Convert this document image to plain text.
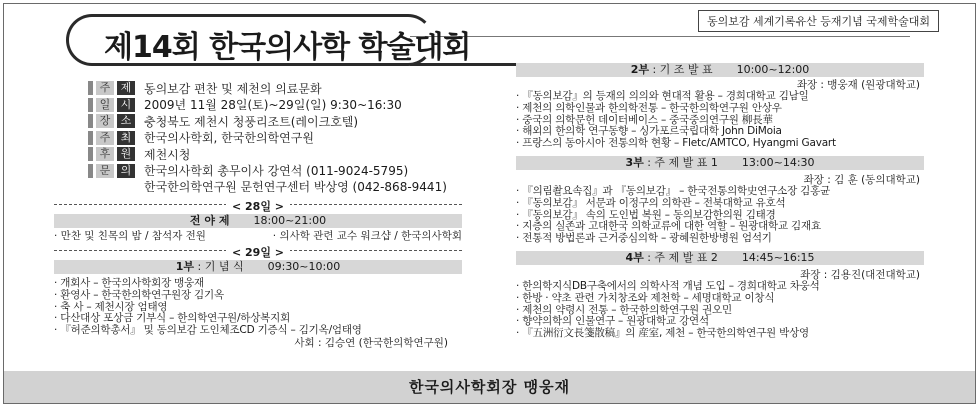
동의보감 세계기록유산 등재기념 국제학술대회
제14회 한국의사학 학술대회
주 제	동의보감 편찬 및 제천의 의료문화
일 시	2009년 11월 28일(토)~29일(일) 9:30~16:30
장 소	충청북도 제천시 청풍리조트(레이크호텔)
주 최	한국의사학회, 한국한의학연구원
후 원	제천시청
문 의	한국의사학회 총무이사 강연석 (011-9024-5795)
한국한의학연구원 문헌연구센터 박상영 (042-868-9441)
< 28일 >
전 야 제 18:00~21:00
· 만찬 및 친목의 밤 / 참석자 전원	· 의사학 관련 교수 워크샵 / 한국의사학회
< 29일 >
1부 : 기 념 식 09:30~10:00
· 개회사 – 한국의사학회장 맹웅재
· 환영사 – 한국한의학연구원장 김기옥
· 축 사 – 제천시장 엄태영
· 다산대상 포상금 기부식 – 한의학연구원/하상복지회
· 『허준의학총서』 및 동의보감 도인체조CD 기증식 – 김기옥/엄태영
사회 : 김승연 (한국한의학연구원)
2부 : 기 조 발 표 10:00~12:00
좌장 : 맹웅재 (원광대학교)
· 『동의보감』의 등재의 의의와 현대적 활용 – 경희대학교 김남일
· 제천의 의학인물과 한의학전통 – 한국한의학연구원 안상우
· 중국의 의학문헌 데이터베이스 – 중국중의연구원 柳長華
· 해외의 한의학 연구동향 – 싱가포르국립대학 John DiMoia
· 프랑스의 동아시아 전통의학 현황 – Fletc/AMTCO, Hyangmi Gavart
3부 : 주 제 발 표 1 13:00~14:30
좌장 : 김 훈 (동의대학교)
· 『의림촬요속집』과 『동의보감』 – 한국전통의학史연구소장 김홍균
· 『동의보감』 서문과 이정구의 의학관 – 전북대학교 유호석
· 『동의보감』 속의 도인법 복원 – 동의보감한의원 김태경
· 지층의 실존과 고대한국 의학교류에 대한 역할 – 원광대학교 김재효
· 전통적 방법론과 근거중심의학 – 광혜원한방병원 엄석기
4부 : 주 제 발 표 2 14:45~16:15
좌장 : 김용진(대전대학교)
· 한의학지식DB구축에서의 의학사적 개념 도입 – 경희대학교 차웅석
· 한방 · 약초 관련 가치창조와 제천학 – 세명대학교 이창식
· 제천의 약령시 전통 – 한국한의학연구원 권오민
· 향약의학의 인물연구 – 원광대학교 강연석
· 『五洲衍文長箋散稿』의 産室, 제천 – 한국한의학연구원 박상영
한국의사학회장 맹웅재
